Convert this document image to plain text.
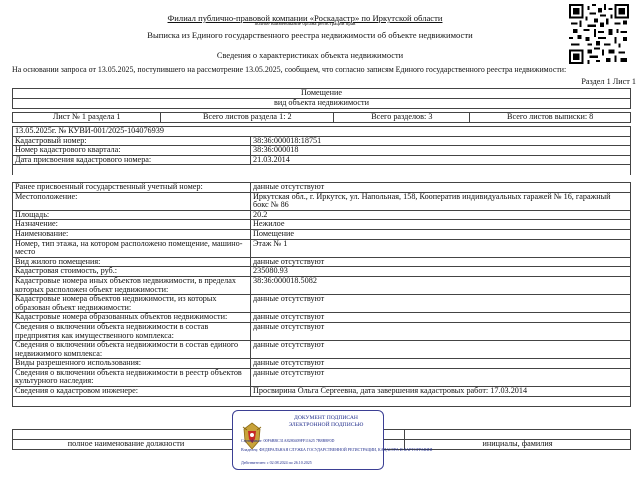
Филиал публично-правовой компании «Роскадастр» по Иркутской области
полное наименование органа регистрации прав
Выписка из Единого государственного реестра недвижимости об объекте недвижимости
Сведения о характеристиках объекта недвижимости
На основании запроса от 13.05.2025, поступившего на рассмотрение 13.05.2025, сообщаем, что согласно записям Единого государственного реестра недвижимости:
Раздел 1 Лист 1
Помещение
вид объекта недвижимости
Лист № 1 раздела 1	Всего листов раздела 1: 2	Всего разделов: 3	Всего листов выписки: 8
13.05.2025г. № КУВИ-001/2025-104076939	
Кадастровый номер:	38:36:000018:18751
Номер кадастрового квартала:	38:36:000018
Дата присвоения кадастрового номера:	21.03.2014

Ранее присвоенный государственный учетный номер:	данные отсутствуют
Местоположение:	Иркутская обл., г. Иркутск, ул. Напольная, 158, Кооператив индивидуальных гаражей № 16, гаражный бокс № 86
Площадь:	20.2
Назначение:	Нежилое
Наименование:	Помещение
Номер, тип этажа, на котором расположено помещение, машино-место	Этаж № 1
Вид жилого помещения:	данные отсутствуют
Кадастровая стоимость, руб.:	235080.93
Кадастровые номера иных объектов недвижимости, в пределах которых расположен объект недвижимости:	38:36:000018.5082
Кадастровые номера объектов недвижимости, из которых образован объект недвижимости:	данные отсутствуют
Кадастровые номера образованных объектов недвижимости:	данные отсутствуют
Сведения о включении объекта недвижимости в состав предприятия как имущественного комплекса:	данные отсутствуют
Сведения о включении объекта недвижимости в состав единого недвижимого комплекса:	данные отсутствуют
Виды разрешенного использования:	данные отсутствуют
Сведения о включении объекта недвижимости в реестр объектов культурного наследия:	данные отсутствуют
Сведения о кадастровом инженере:	Просвирина Ольга Сергеевна, дата завершения кадастровых работ: 17.03.2014

полное наименование должности		инициалы, фамилия
ДОКУМЕНТ ПОДПИСАН ЭЛЕКТРОННОЙ ПОДПИСЬЮ
Сертификат: 00F6BBC31A8280409FF11625 7B8B8F0D
Владелец: ФЕДЕРАЛЬНАЯ СЛУЖБА ГОСУДАРСТВЕННОЙ РЕГИСТРАЦИИ, КАДАСТРА И КАРТОГРАФИИ
Действителен: с 02.08.2024 по 26.10.2025
